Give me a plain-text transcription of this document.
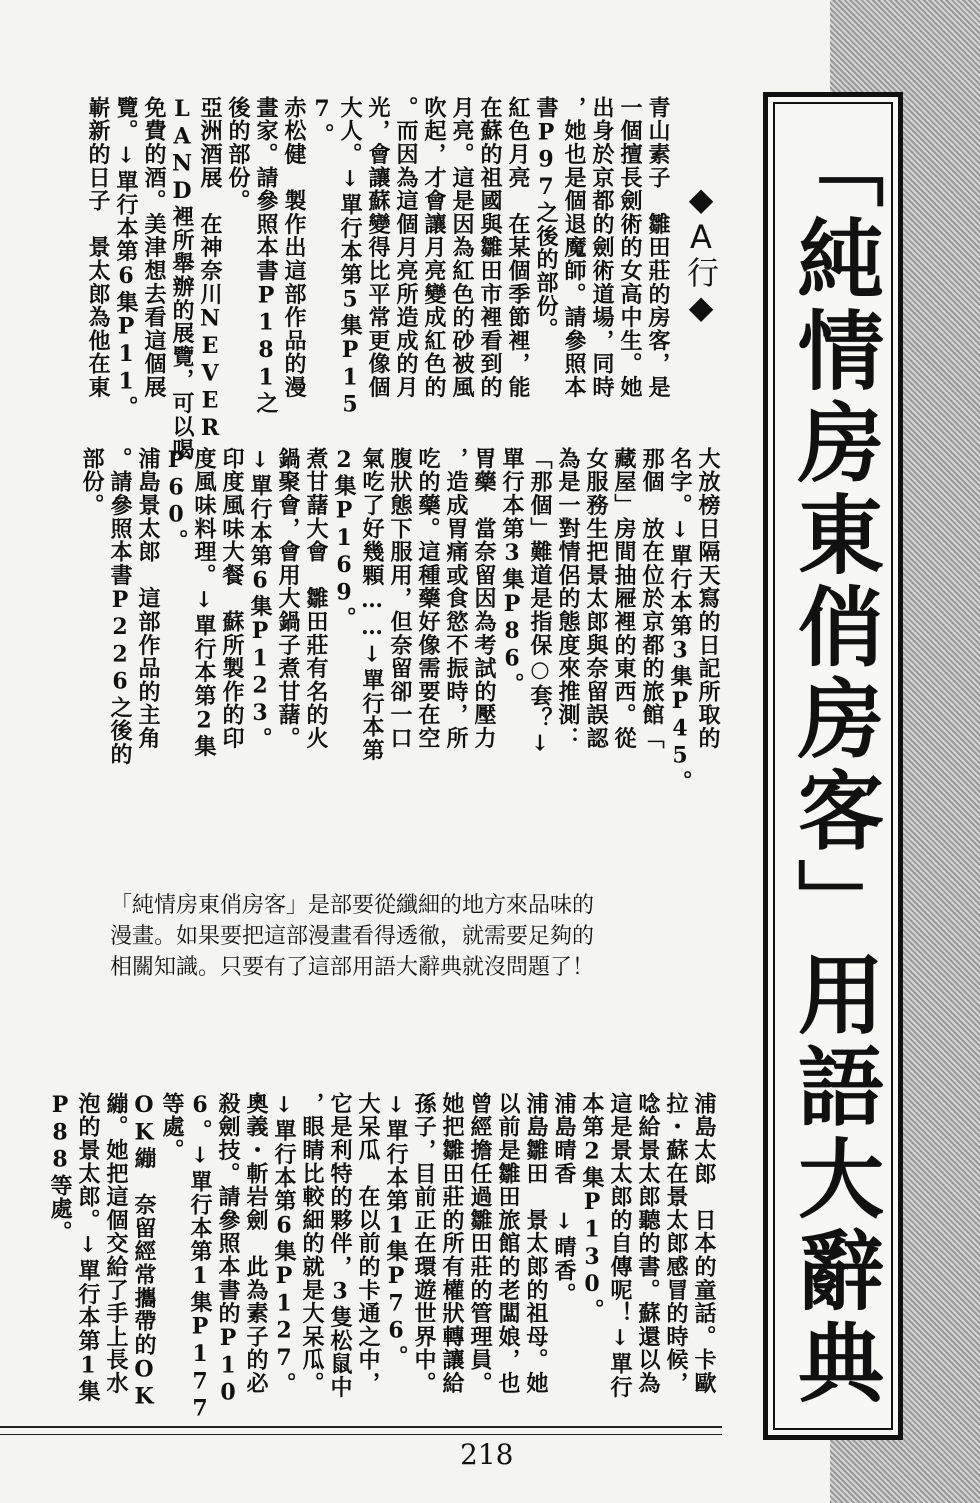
「純情房東俏房客」用語大辭典
◆A行◆
青山素子　雛田莊的房客，是
一個擅長劍術的女高中生。她
出身於京都的劍術道場，同時
，她也是個退魔師。請參照本
書P97之後的部份。
紅色月亮　在某個季節裡，能
在蘇的祖國與雛田市裡看到的
月亮。這是因為紅色的砂被風
吹起，才會讓月亮變成紅色的
。而因為這個月亮所造成的月
光，會讓蘇變得比平常更像個
大人。↓單行本第5集P15
7。
赤松健　製作出這部作品的漫
畫家。請參照本書P181之
後的部份。
亞洲酒展　在神奈川NEVER
LAND裡所舉辦的展覽，可以喝
免費的酒。美津想去看這個展
覽。↓單行本第6集P11。
嶄新的日子　景太郎為他在東
大放榜日隔天寫的日記所取的
名字。↓單行本第3集P45。
那個　放在位於京都的旅館「
藏屋」房間抽屜裡的東西。從
女服務生把景太郎與奈留誤認
為是一對情侶的態度來推測：
「那個」難道是指保○套？↓
單行本第3集P86。
胃藥　當奈留因為考試的壓力
，造成胃痛或食慾不振時，所
吃的藥。這種藥好像需要在空
腹狀態下服用，但奈留卻一口
氣吃了好幾顆……↓單行本第
2集P169。
煮甘藷大會　雛田莊有名的火
鍋聚會，會用大鍋子煮甘藷。
↓單行本第6集P123。
印度風味大餐　蘇所製作的印
度風味料理。↓單行本第2集
P60。
浦島景太郎　這部作品的主角
。請參照本書P226之後的
部份。
浦島太郎　日本的童話。卡歐
拉・蘇在景太郎感冒的時候，
唸給景太郎聽的書。蘇還以為
這是景太郎的自傳呢！↓單行
本第2集P130。
浦島晴香　↓晴香。
浦島雛田　景太郎的祖母。她
以前是雛田旅館的老闆娘，也
曾經擔任過雛田莊的管理員。
她把雛田莊的所有權狀轉讓給
孫子，目前正在環遊世界中。
↓單行本第1集P76。
大呆瓜　在以前的卡通之中，
它是利特的夥伴，3隻松鼠中
，眼睛比較細的就是大呆瓜。
↓單行本第6集P127。
奧義・斬岩劍　此為素子的必
殺劍技。請參照本書的P10
6。↓單行本第1集P177
等處。
OK繃　奈留經常攜帶的OK
繃。她把這個交給了手上長水
泡的景太郎。↓單行本第1集
P88等處。
「純情房東俏房客」是部要從纖細的地方來品味的
漫畫。如果要把這部漫畫看得透徹，就需要足夠的
相關知識。只要有了這部用語大辭典就沒問題了！
218
